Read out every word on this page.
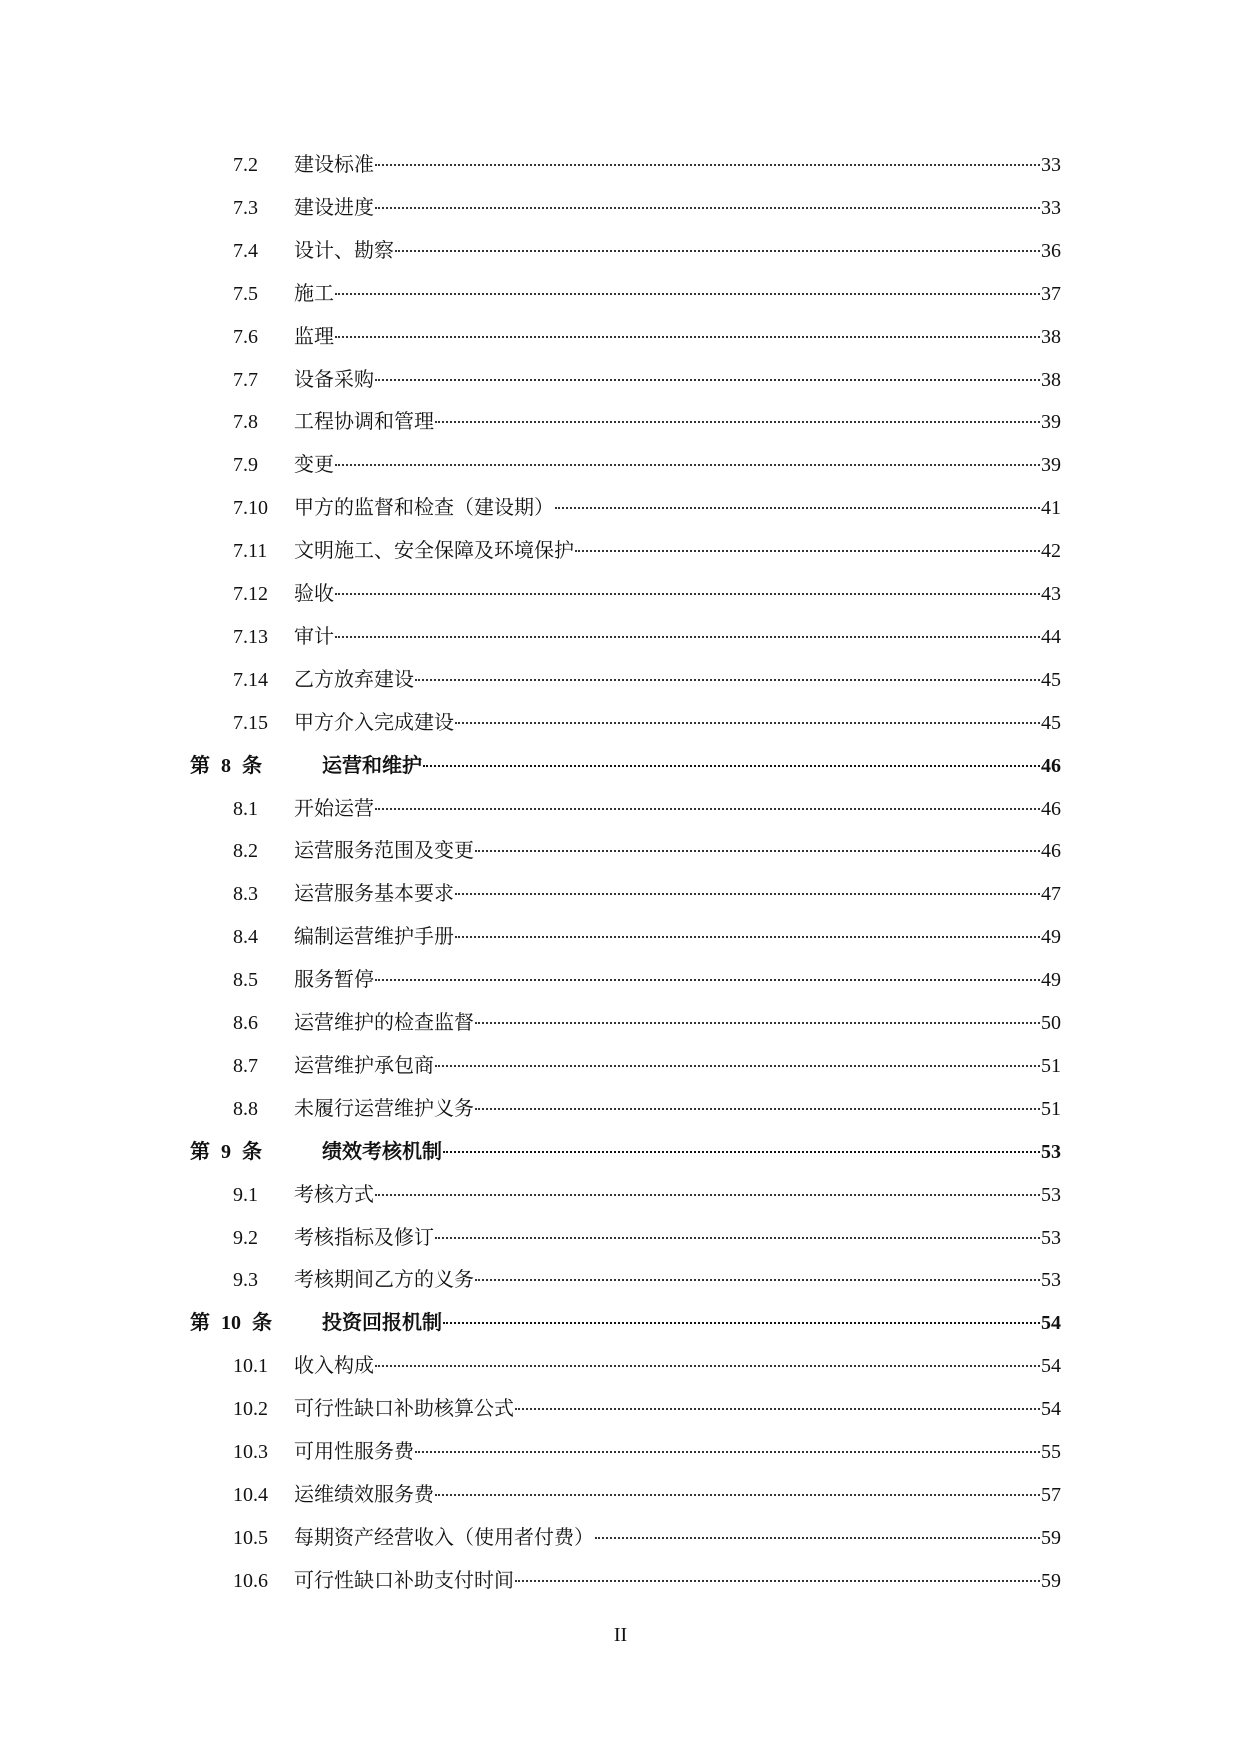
7.2 建设标准	33
7.3 建设进度	33
7.4 设计、勘察	36
7.5 施工	37
7.6 监理	38
7.7 设备采购	38
7.8 工程协调和管理	39
7.9 变更	39
7.10 甲方的监督和检查（建设期）	41
7.11 文明施工、安全保障及环境保护	42
7.12 验收	43
7.13 审计	44
7.14 乙方放弃建设	45
7.15 甲方介入完成建设	45
第 8 条	运营和维护	46
8.1 开始运营	46
8.2 运营服务范围及变更	46
8.3 运营服务基本要求	47
8.4 编制运营维护手册	49
8.5 服务暂停	49
8.6 运营维护的检查监督	50
8.7 运营维护承包商	51
8.8 未履行运营维护义务	51
第 9 条	绩效考核机制	53
9.1 考核方式	53
9.2 考核指标及修订	53
9.3 考核期间乙方的义务	53
第 10 条	投资回报机制	54
10.1 收入构成	54
10.2 可行性缺口补助核算公式	54
10.3 可用性服务费	55
10.4 运维绩效服务费	57
10.5 每期资产经营收入（使用者付费）	59
10.6 可行性缺口补助支付时间	59
II
